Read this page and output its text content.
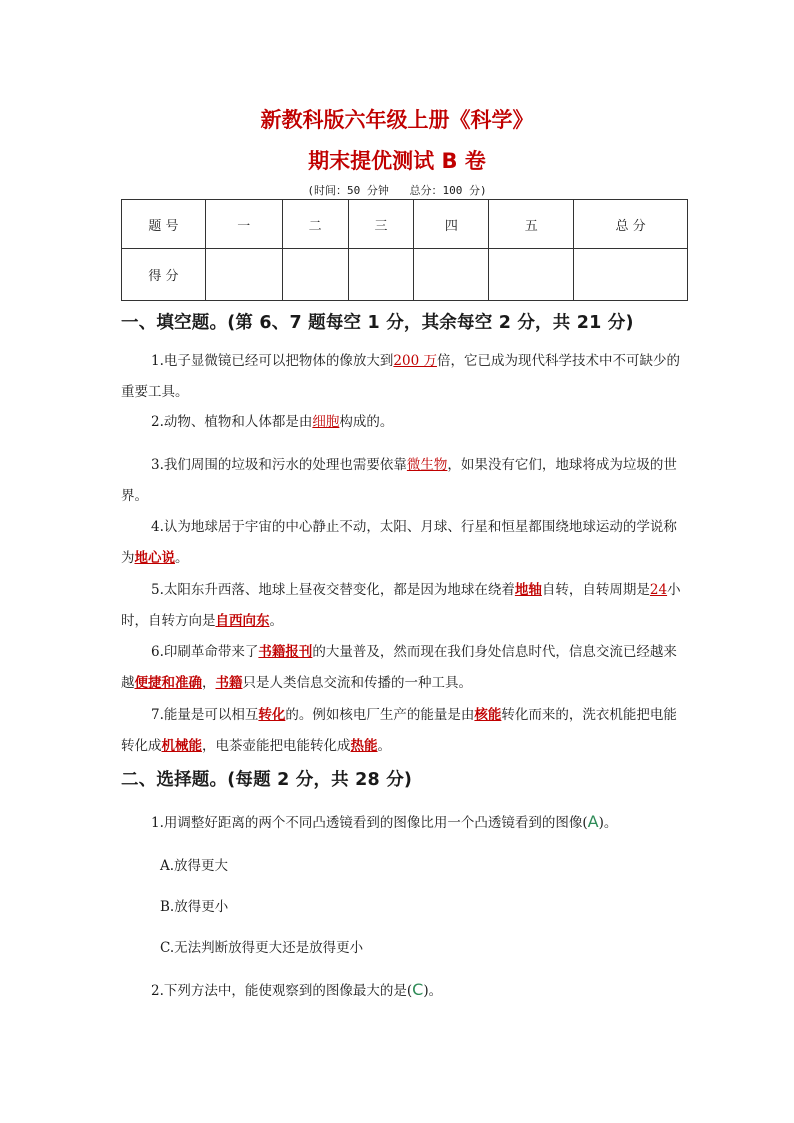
新教科版六年级上册《科学》
期末提优测试 B 卷
(时间：50 分钟 总分：100 分)
题 号	一	二	三	四	五	总 分
得 分						
一、填空题。(第 6、7 题每空 1 分，其余每空 2 分，共 21 分)
1.电子显微镜已经可以把物体的像放大到200 万倍，它已成为现代科学技术中不可缺少的重要工具。
2.动物、植物和人体都是由细胞构成的。
3.我们周围的垃圾和污水的处理也需要依靠微生物，如果没有它们，地球将成为垃圾的世界。
4.认为地球居于宇宙的中心静止不动，太阳、月球、行星和恒星都围绕地球运动的学说称为地心说。
5.太阳东升西落、地球上昼夜交替变化，都是因为地球在绕着地轴自转，自转周期是24小时，自转方向是自西向东。
6.印刷革命带来了书籍报刊的大量普及，然而现在我们身处信息时代，信息交流已经越来越便捷和准确，书籍只是人类信息交流和传播的一种工具。
7.能量是可以相互转化的。例如核电厂生产的能量是由核能转化而来的，洗衣机能把电能转化成机械能，电茶壶能把电能转化成热能。
二、选择题。(每题 2 分，共 28 分)
1.用调整好距离的两个不同凸透镜看到的图像比用一个凸透镜看到的图像(A)。
A.放得更大
B.放得更小
C.无法判断放得更大还是放得更小
2.下列方法中，能使观察到的图像最大的是(C)。
